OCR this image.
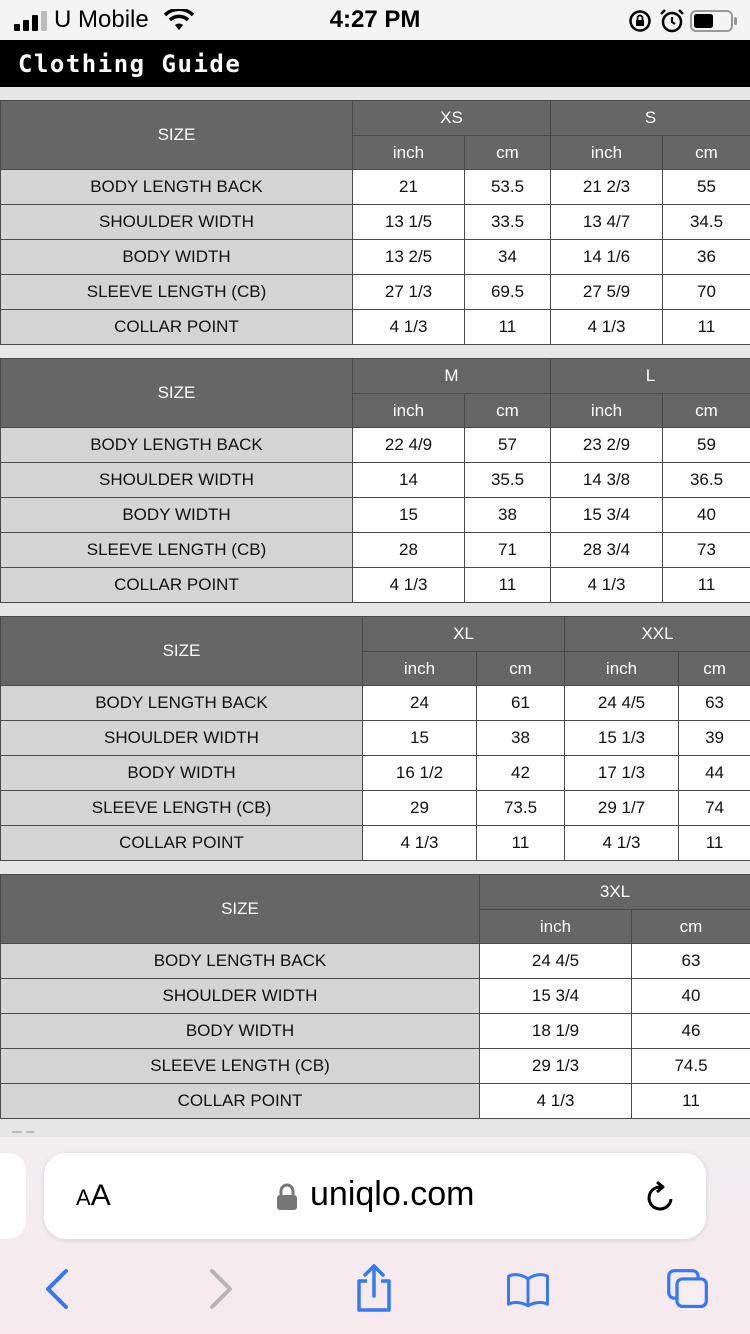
U Mobile	4:27 PM
Clothing Guide
SIZE	XS		S	
	inch	cm	inch	cm
BODY LENGTH BACK	21	53.5	21 2/3	55
SHOULDER WIDTH	13 1/5	33.5	13 4/7	34.5
BODY WIDTH	13 2/5	34	14 1/6	36
SLEEVE LENGTH (CB)	27 1/3	69.5	27 5/9	70
COLLAR POINT	4 1/3	11	4 1/3	11
SIZE	M		L	
	inch	cm	inch	cm
BODY LENGTH BACK	22 4/9	57	23 2/9	59
SHOULDER WIDTH	14	35.5	14 3/8	36.5
BODY WIDTH	15	38	15 3/4	40
SLEEVE LENGTH (CB)	28	71	28 3/4	73
COLLAR POINT	4 1/3	11	4 1/3	11
SIZE	XL		XXL	
	inch	cm	inch	cm
BODY LENGTH BACK	24	61	24 4/5	63
SHOULDER WIDTH	15	38	15 1/3	39
BODY WIDTH	16 1/2	42	17 1/3	44
SLEEVE LENGTH (CB)	29	73.5	29 1/7	74
COLLAR POINT	4 1/3	11	4 1/3	11
SIZE	3XL	
	inch	cm
BODY LENGTH BACK	24 4/5	63
SHOULDER WIDTH	15 3/4	40
BODY WIDTH	18 1/9	46
SLEEVE LENGTH (CB)	29 1/3	74.5
COLLAR POINT	4 1/3	11
AA	uniqlo.com
